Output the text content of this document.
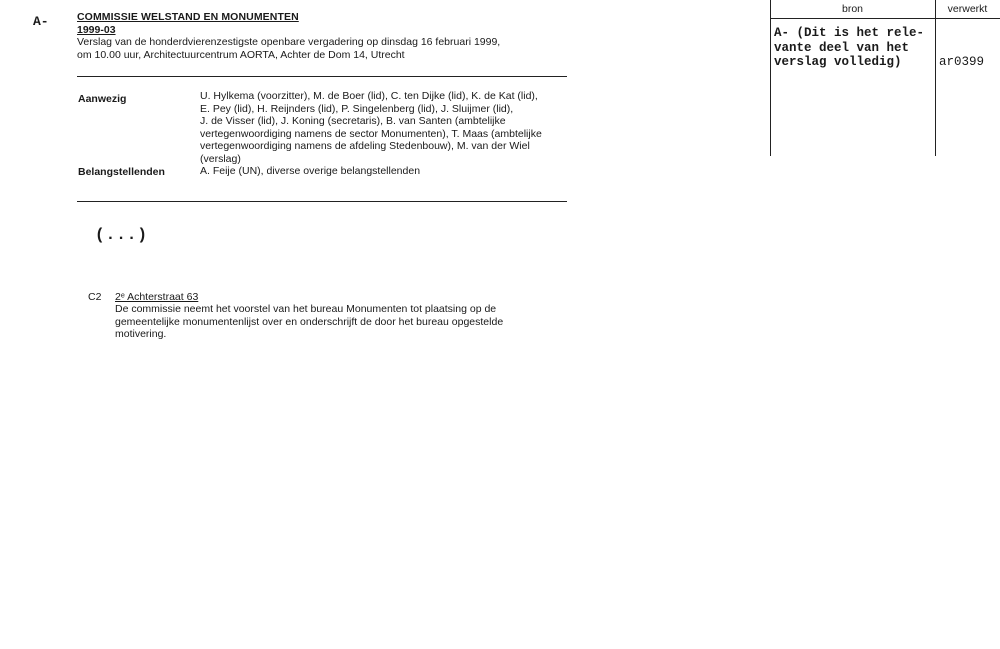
A-	COMMISSIE WELSTAND EN MONUMENTEN
1999-03
Verslag van de honderdvierenzestigste openbare vergadering op dinsdag 16 februari 1999,
om 10.00 uur, Architectuurcentrum AORTA, Achter de Dom 14, Utrecht
Aanwezig	U. Hylkema (voorzitter), M. de Boer (lid), C. ten Dijke (lid), K. de Kat (lid),
E. Pey (lid), H. Reijnders (lid), P. Singelenberg (lid), J. Sluijmer (lid),
J. de Visser (lid), J. Koning (secretaris), B. van Santen (ambtelijke
vertegenwoordiging namens de sector Monumenten), T. Maas (ambtelijke
vertegenwoordiging namens de afdeling Stedenbouw), M. van der Wiel
(verslag)
Belangstellenden	A. Feije (UN), diverse overige belangstellenden
(...)
C2 2ᵉ Achterstraat 63
De commissie neemt het voorstel van het bureau Monumenten tot plaatsing op de
gemeentelijke monumentenlijst over en onderschrijft de door het bureau opgestelde
motivering.
bron	verwerkt
A- (Dit is het rele-
vante deel van het
verslag volledig)	ar0399
